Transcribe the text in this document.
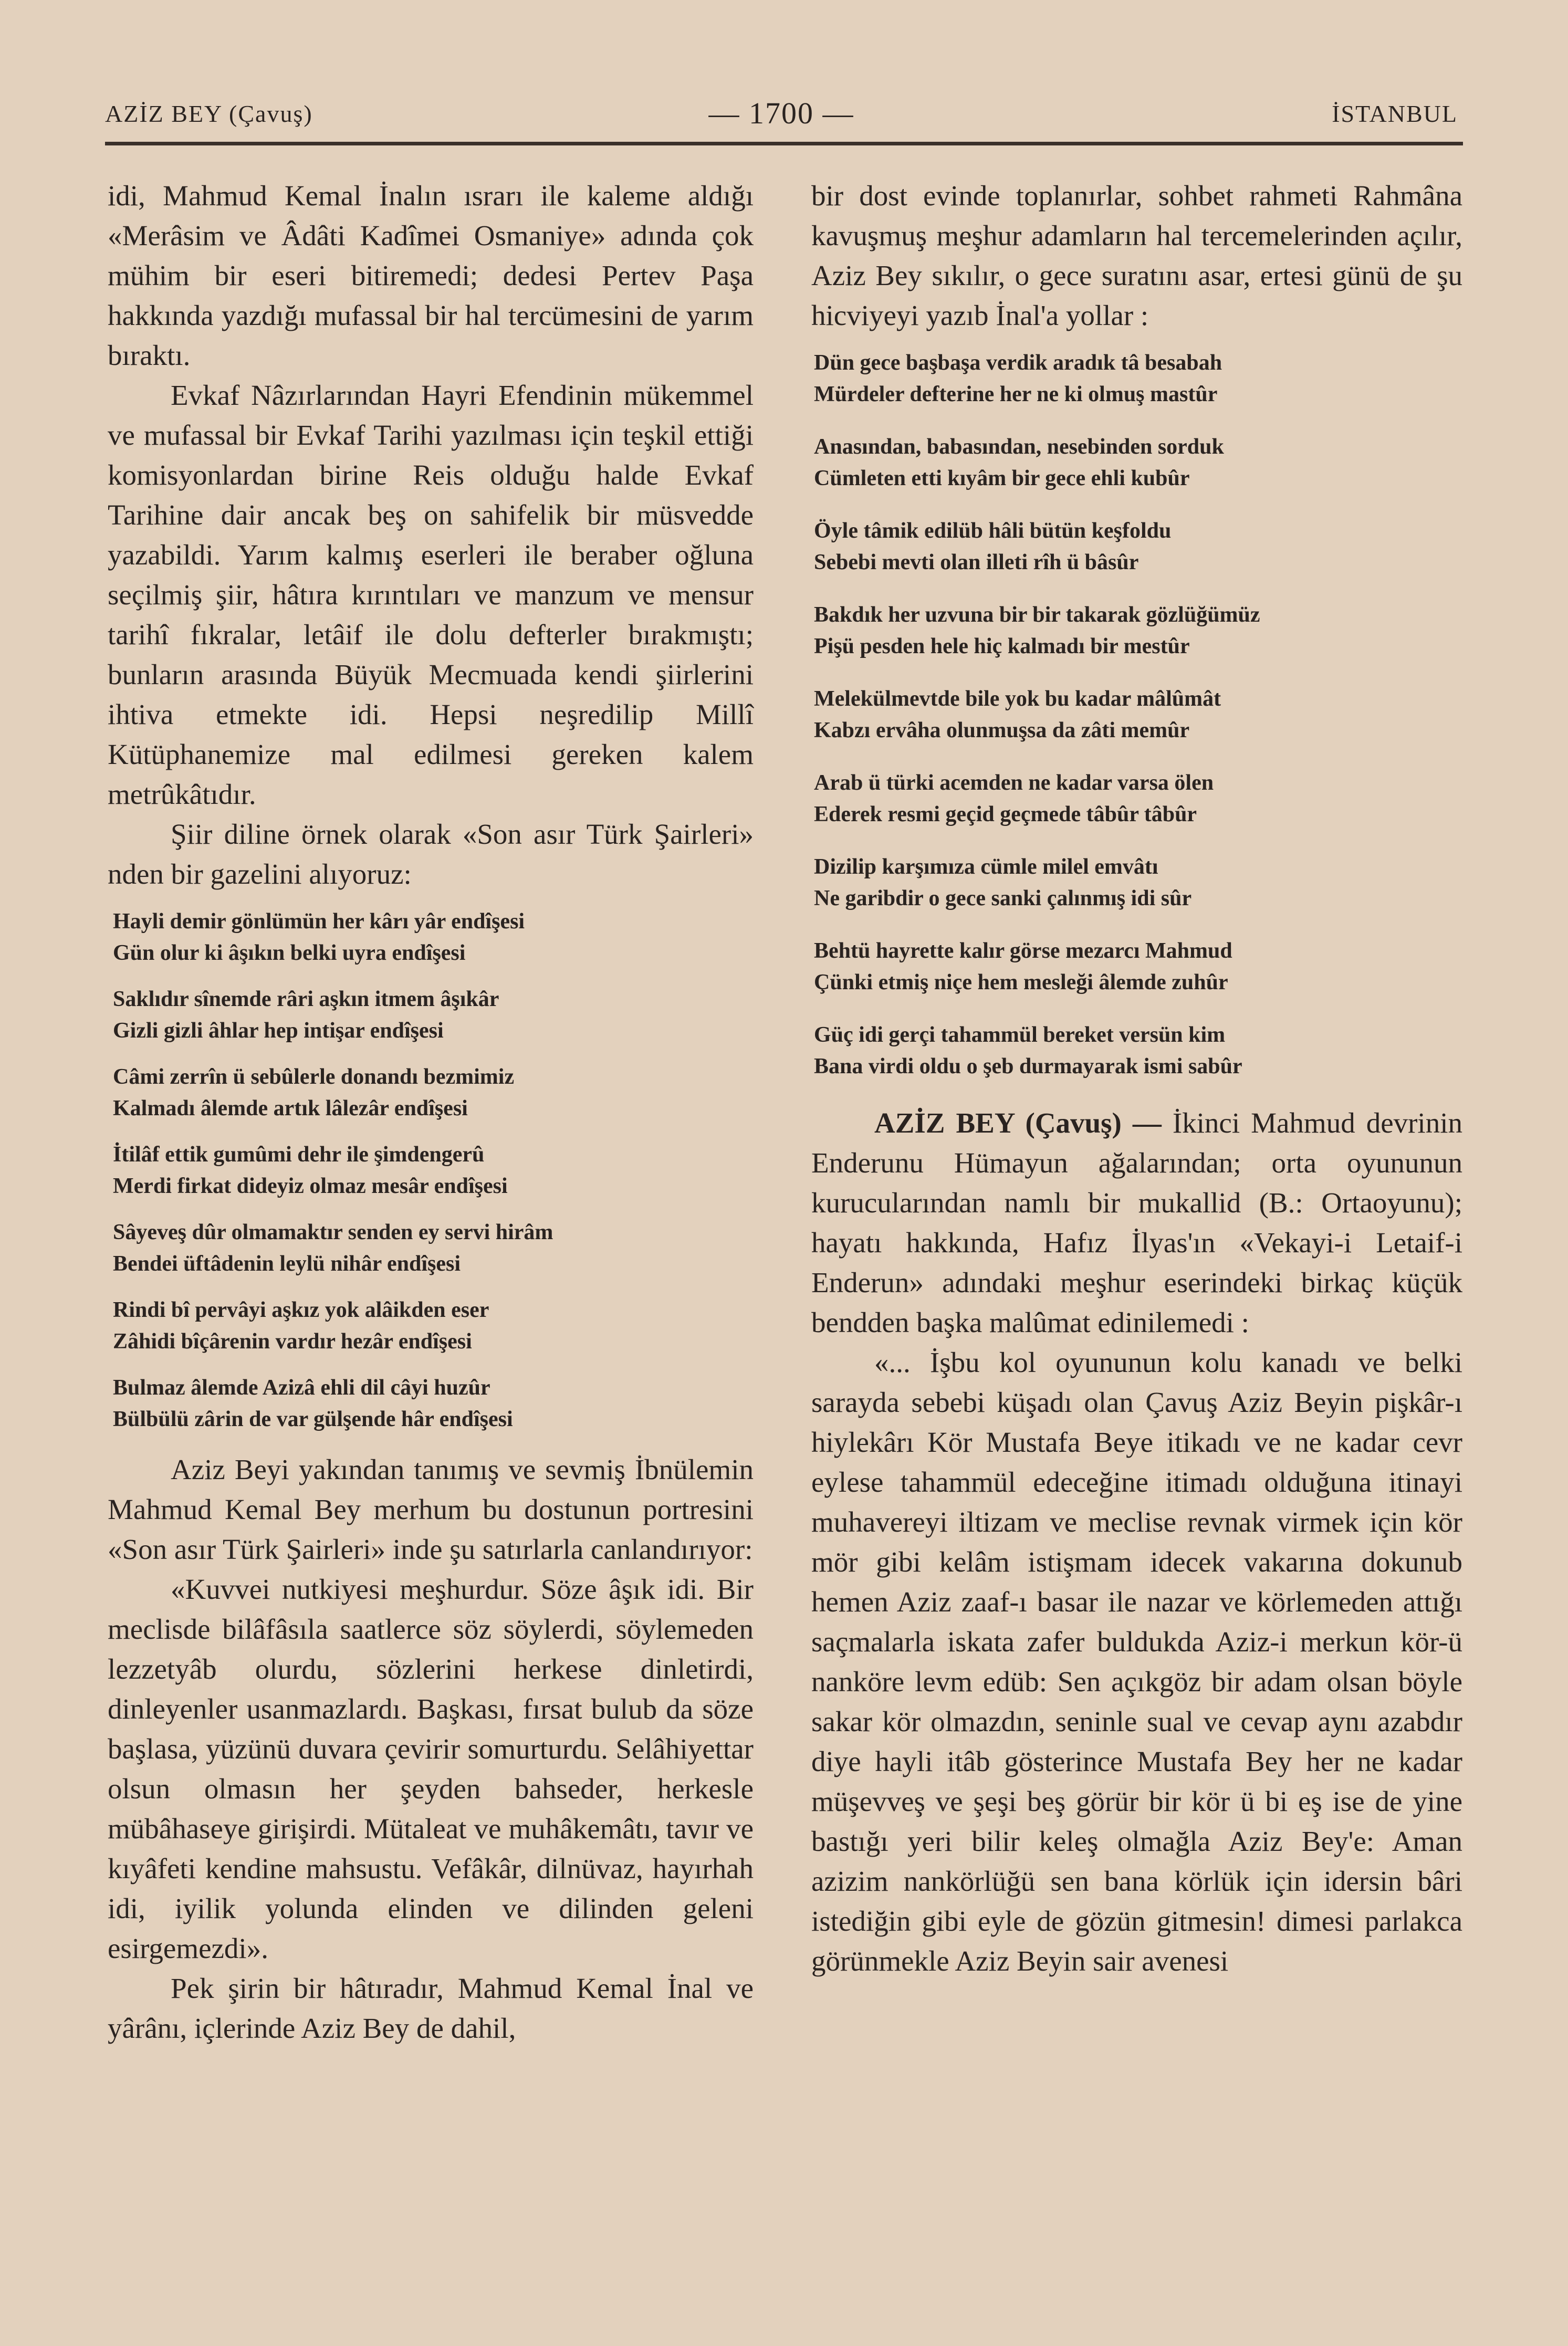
AZİZ BEY (Çavuş)	— 1700 —	İSTANBUL

idi, Mahmud Kemal İnalın ısrarı ile kaleme aldığı «Merâsim ve Âdâti Kadîmei Osmaniye» adında çok mühim bir eseri bitiremedi; dedesi Pertev Paşa hakkında yazdığı mufassal bir hal tercümesini de yarım bıraktı.

Evkaf Nâzırlarından Hayri Efendinin mükemmel ve mufassal bir Evkaf Tarihi yazılması için teşkil ettiği komisyonlardan birine Reis olduğu halde Evkaf Tarihine dair ancak beş on sahifelik bir müsvedde yazabildi. Yarım kalmış eserleri ile beraber oğluna seçilmiş şiir, hâtıra kırıntıları ve manzum ve mensur tarihî fıkralar, letâif ile dolu defterler bırakmıştı; bunların arasında Büyük Mecmuada kendi şiirlerini ihtiva etmekte idi. Hepsi neşredilip Millî Kütüphanemize mal edilmesi gereken kalem metrûkâtıdır.

Şiir diline örnek olarak «Son asır Türk Şairleri» nden bir gazelini alıyoruz:

Hayli demir gönlümün her kârı yâr endîşesi
Gün olur ki âşıkın belki uyra endîşesi
Saklıdır sînemde râri aşkın itmem âşıkâr
Gizli gizli âhlar hep intişar endîşesi
Câmi zerrîn ü sebûlerle donandı bezmimiz
Kalmadı âlemde artık lâlezâr endîşesi
İtilâf ettik gumûmi dehr ile şimdengerû
Merdi firkat dideyiz olmaz mesâr endîşesi
Sâyeveş dûr olmamaktır senden ey servi hirâm
Bendei üftâdenin leylü nihâr endîşesi
Rindi bî pervâyi aşkız yok alâikden eser
Zâhidi bîçârenin vardır hezâr endîşesi
Bulmaz âlemde Azizâ ehli dil câyi huzûr
Bülbülü zârin de var gülşende hâr endîşesi

Aziz Beyi yakından tanımış ve sevmiş İbnülemin Mahmud Kemal Bey merhum bu dostunun portresini «Son asır Türk Şairleri» inde şu satırlarla canlandırıyor:

«Kuvvei nutkiyesi meşhurdur. Söze âşık idi. Bir meclisde bilâfâsıla saatlerce söz söylerdi, söylemeden lezzetyâb olurdu, sözlerini herkese dinletirdi, dinleyenler usanmazlardı. Başkası, fırsat bulub da söze başlasa, yüzünü duvara çevirir somurturdu. Selâhiyettar olsun olmasın her şeyden bahseder, herkesle mübâhaseye girişirdi. Mütaleat ve muhâkemâtı, tavır ve kıyâfeti kendine mahsustu. Vefâkâr, dilnüvaz, hayırhah idi, iyilik yolunda elinden ve dilinden geleni esirgemezdi».

Pek şirin bir hâtıradır, Mahmud Kemal İnal ve yârânı, içlerinde Aziz Bey de dahil,

bir dost evinde toplanırlar, sohbet rahmeti Rahmâna kavuşmuş meşhur adamların hal tercemelerinden açılır, Aziz Bey sıkılır, o gece suratını asar, ertesi günü de şu hicviyeyi yazıb İnal'a yollar :

Dün gece başbaşa verdik aradık tâ besabah
Mürdeler defterine her ne ki olmuş mastûr
Anasından, babasından, nesebinden sorduk
Cümleten etti kıyâm bir gece ehli kubûr
Öyle tâmik edilüb hâli bütün keşfoldu
Sebebi mevti olan illeti rîh ü bâsûr
Bakdık her uzvuna bir bir takarak gözlüğümüz
Pişü pesden hele hiç kalmadı bir mestûr
Melekülmevtde bile yok bu kadar mâlûmât
Kabzı ervâha olunmuşsa da zâti memûr
Arab ü türki acemden ne kadar varsa ölen
Ederek resmi geçid geçmede tâbûr tâbûr
Dizilip karşımıza cümle milel emvâtı
Ne garibdir o gece sanki çalınmış idi sûr
Behtü hayrette kalır görse mezarcı Mahmud
Çünki etmiş niçe hem mesleği âlemde zuhûr
Güç idi gerçi tahammül bereket versün kim
Bana virdi oldu o şeb durmayarak ismi sabûr

AZİZ BEY (Çavuş) — İkinci Mahmud devrinin Enderunu Hümayun ağalarından; orta oyununun kurucularından namlı bir mukallid (B.: Ortaoyunu); hayatı hakkında, Hafız İlyas'ın «Vekayi-i Letaif-i Enderun» adındaki meşhur eserindeki birkaç küçük bendden başka malûmat edinilemedi :

«... İşbu kol oyununun kolu kanadı ve belki sarayda sebebi küşadı olan Çavuş Aziz Beyin pişkâr-ı hiylekârı Kör Mustafa Beye itikadı ve ne kadar cevr eylese tahammül edeceğine itimadı olduğuna itinayi muhavereyi iltizam ve meclise revnak virmek için kör mör gibi kelâm istişmam idecek vakarına dokunub hemen Aziz zaaf-ı basar ile nazar ve körlemeden attığı saçmalarla iskata zafer buldukda Aziz-i merkun kör-ü nanköre levm edüb: Sen açıkgöz bir adam olsan böyle sakar kör olmazdın, seninle sual ve cevap aynı azabdır diye hayli itâb gösterince Mustafa Bey her ne kadar müşevveş ve şeşi beş görür bir kör ü bi eş ise de yine bastığı yeri bilir keleş olmağla Aziz Bey'e: Aman azizim nankörlüğü sen bana körlük için idersin bâri istediğin gibi eyle de gözün gitmesin! dimesi parlakca görünmekle Aziz Beyin sair avenesi
